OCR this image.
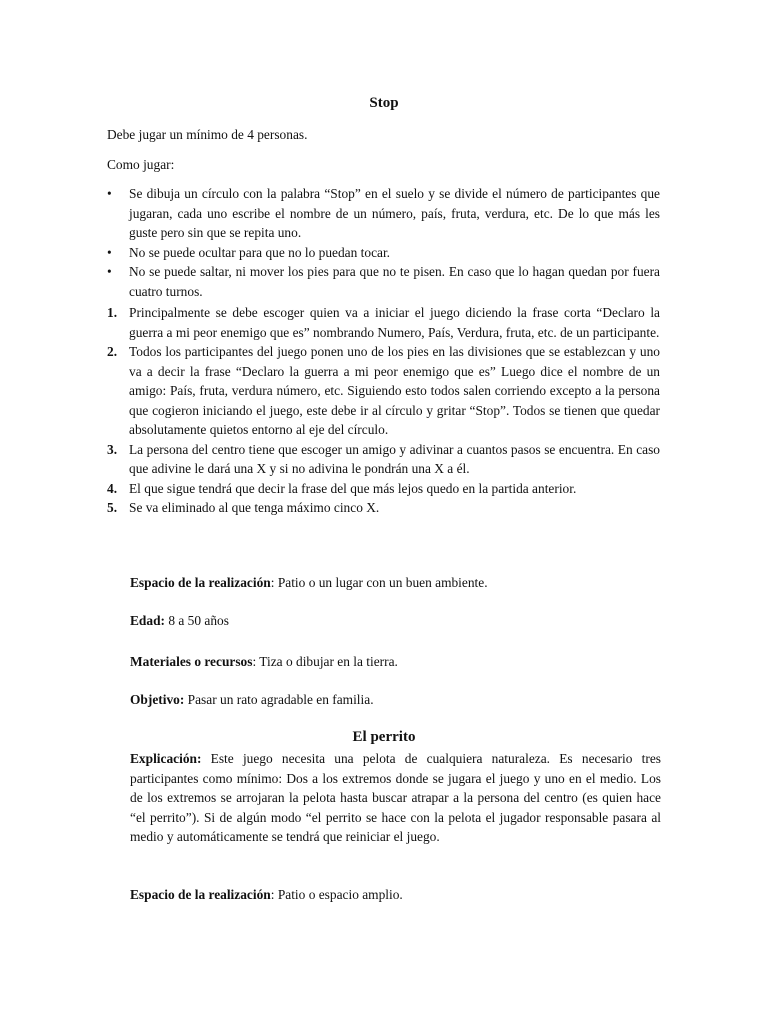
Stop
Debe jugar un mínimo de 4 personas.
Como jugar:
• Se dibuja un círculo con la palabra “Stop” en el suelo y se divide el número de participantes que jugaran, cada uno escribe el nombre de un número, país, fruta, verdura, etc. De lo que más les guste pero sin que se repita uno.
• No se puede ocultar para que no lo puedan tocar.
• No se puede saltar, ni mover los pies para que no te pisen. En caso que lo hagan quedan por fuera cuatro turnos.
1. Principalmente se debe escoger quien va a iniciar el juego diciendo la frase corta “Declaro la guerra a mi peor enemigo que es” nombrando Numero, País, Verdura, fruta, etc. de un participante.
2. Todos los participantes del juego ponen uno de los pies en las divisiones que se establezcan y uno va a decir la frase “Declaro la guerra a mi peor enemigo que es” Luego dice el nombre de un amigo: País, fruta, verdura número, etc. Siguiendo esto todos salen corriendo excepto a la persona que cogieron iniciando el juego, este debe ir al círculo y gritar “Stop”. Todos se tienen que quedar absolutamente quietos entorno al eje del círculo.
3. La persona del centro tiene que escoger un amigo y adivinar a cuantos pasos se encuentra. En caso que adivine le dará una X y si no adivina le pondrán una X a él.
4. El que sigue tendrá que decir la frase del que más lejos quedo en la partida anterior.
5. Se va eliminado al que tenga máximo cinco X.
Espacio de la realización: Patio o un lugar con un buen ambiente.
Edad: 8 a 50 años
Materiales o recursos: Tiza o dibujar en la tierra.
Objetivo: Pasar un rato agradable en familia.
El perrito
Explicación: Este juego necesita una pelota de cualquiera naturaleza. Es necesario tres participantes como mínimo: Dos a los extremos donde se jugara el juego y uno en el medio. Los de los extremos se arrojaran la pelota hasta buscar atrapar a la persona del centro (es quien hace “el perrito”). Si de algún modo “el perrito se hace con la pelota el jugador responsable pasara al medio y automáticamente se tendrá que reiniciar el juego.
Espacio de la realización: Patio o espacio amplio.
